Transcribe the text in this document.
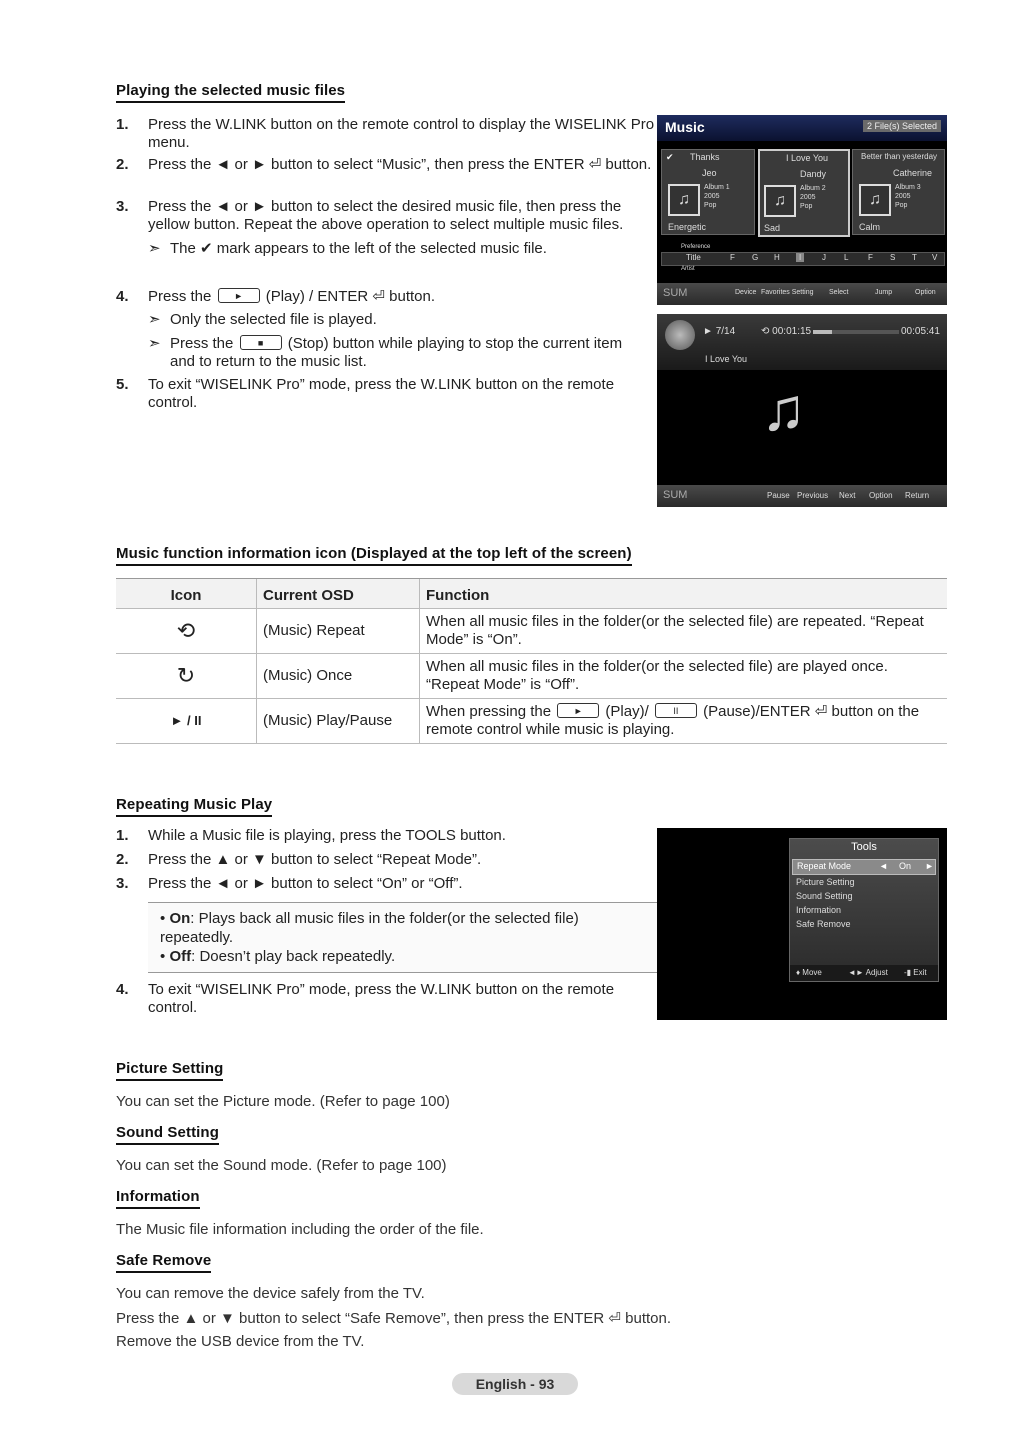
Playing the selected music files
1. Press the W.LINK button on the remote control to display the WISELINK Pro menu.
2. Press the ◄ or ► button to select “Music”, then press the ENTER ⏎ button.
3. Press the ◄ or ► button to select the desired music file, then press the yellow button. Repeat the above operation to select multiple music files.
➣ The ✔ mark appears to the left of the selected music file.
4. Press the	►	(Play) / ENTER ⏎ button.
➣ Only the selected file is played.
➣ Press the	■	(Stop) button while playing to stop the current item and to return to the music list.
5. To exit “WISELINK Pro” mode, press the W.LINK button on the remote control.
Music	2 File(s) Selected
Thanks
✔
♫
Jeo
Album 1
2005
Pop
Energetic
I Love You
♫
Dandy
Album 2
2005
Pop
Sad
Better than yesterday
♫
Catherine
Album 3
2005
Pop
Calm
Preference
Title	F G H	I	J L F S T V
Artist
SUM	Device Favorites Setting Select	Jump	Option
► 7/14	⟲ 00:01:15	00:05:41
I Love You
♫
SUM	Pause Previous Next Option Return
Music function information icon (Displayed at the top left of the screen)
Icon	Current OSD	Function
⟲	(Music) Repeat	When all music files in the folder(or the selected file) are repeated. “Repeat Mode” is “On”.
↻	(Music) Once	When all music files in the folder(or the selected file) are played once. “Repeat Mode” is “Off”.
► / II	(Music) Play/Pause	When pressing the ► (Play)/ II (Pause)/ENTER ⏎ button on the remote control while music is playing.
Repeating Music Play
1. While a Music file is playing, press the TOOLS button.
2. Press the ▲ or ▼ button to select “Repeat Mode”.
3. Press the ◄ or ► button to select “On” or “Off”.
• On: Plays back all music files in the folder(or the selected file) repeatedly.
• Off: Doesn’t play back repeatedly.
4. To exit “WISELINK Pro” mode, press the W.LINK button on the remote control.
Tools
Repeat Mode	◄ On ►
Picture Setting
Sound Setting
Information
Safe Remove
♦ Move	◄► Adjust -▮ Exit
Picture Setting
You can set the Picture mode. (Refer to page 100)
Sound Setting
You can set the Sound mode. (Refer to page 100)
Information
The Music file information including the order of the file.
Safe Remove
You can remove the device safely from the TV.
Press the ▲ or ▼ button to select “Safe Remove”, then press the ENTER ⏎ button.
Remove the USB device from the TV.
English - 93
